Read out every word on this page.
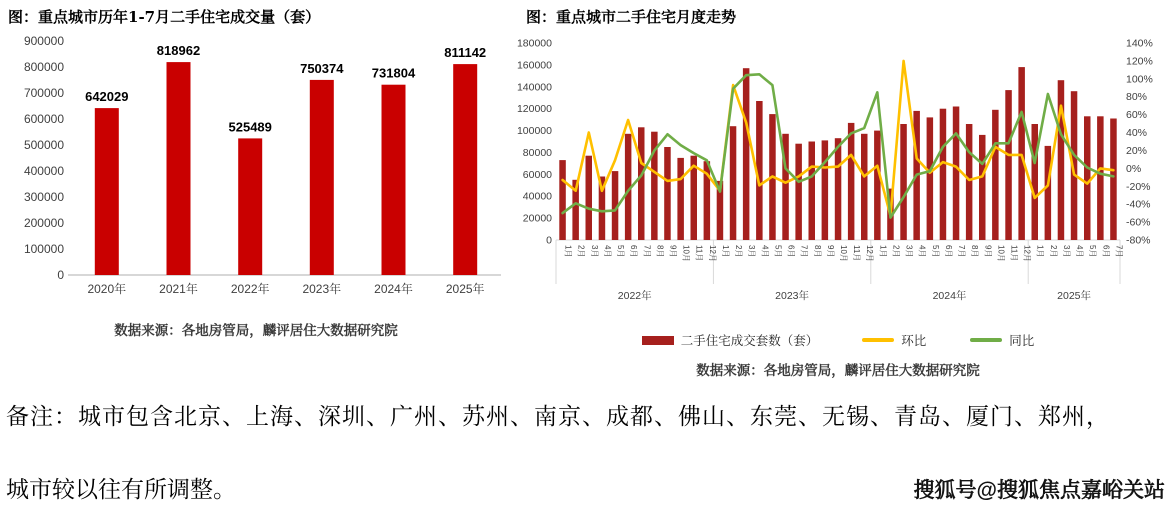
图：重点城市历年1-7月二手住宅成交量（套）
0
100000
200000
300000
400000
500000
600000
700000
800000
900000
642029
2020年
818962
2021年
525489
2022年
750374
2023年
731804
2024年
811142
2025年
数据来源：各地房管局，麟评居住大数据研究院
图：重点城市二手住宅月度走势
0
20000
40000
60000
80000
100000
120000
140000
160000
180000
-80%
-60%
-40%
-20%
0%
20%
40%
60%
80%
100%
120%
140%
2022年	2023年	2024年	2025年
1月 2月 3月 4月 5月 6月 7月 8月 9月 10月 11月 12月 1月 2月 3月 4月 5月 6月 7月 8月 9月 10月 11月 12月 1月 2月 3月 4月 5月 6月 7月 8月 9月 10月 11月 12月 1月 2月 3月 4月 5月 6月 7月
二手住宅成交套数（套）	环比	同比
数据来源：各地房管局，麟评居住大数据研究院
备注：城市包含北京、上海、深圳、广州、苏州、南京、成都、佛山、东莞、无锡、青岛、厦门、郑州，
城市较以往有所调整。	搜狐号@搜狐焦点嘉峪关站
